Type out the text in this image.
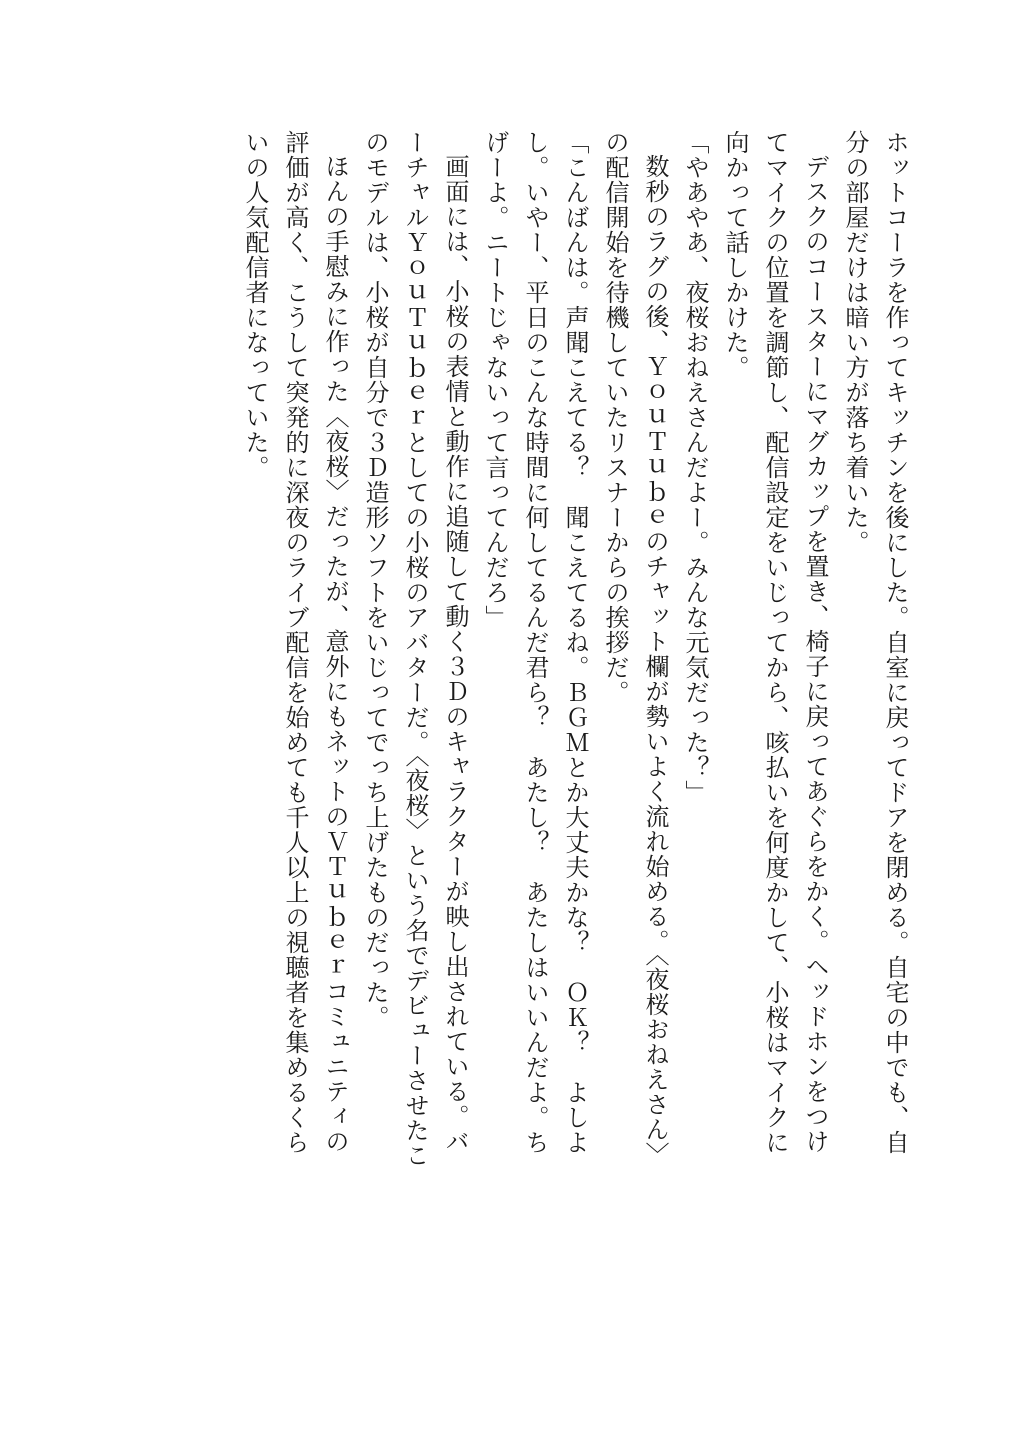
ホットコーラを作ってキッチンを後にした。自室に戻ってドアを閉める。自宅の中でも、自分の部屋だけは暗い方が落ち着いた。

デスクのコースターにマグカップを置き、椅子に戻ってあぐらをかく。ヘッドホンをつけてマイクの位置を調節し、配信設定をいじってから、咳払いを何度かして、小桜はマイクに向かって話しかけた。

「やあやあ、夜桜おねえさんだよー。みんな元気だった？」

数秒のラグの後、ＹｏｕＴｕｂｅのチャット欄が勢いよく流れ始める。〈夜桜おねえさん〉の配信開始を待機していたリスナーからの挨拶だ。

「こんばんは。声聞こえてる？　聞こえてるね。ＢＧＭとか大丈夫かな？　ＯＫ？　よしよし。いやー、平日のこんな時間に何してるんだ君ら？　あたし？　あたしはいいんだよ。ちげーよ。ニートじゃないって言ってんだろ」

画面には、小桜の表情と動作に追随して動く３Ｄのキャラクターが映し出されている。バーチャルＹｏｕＴｕｂｅｒとしての小桜のアバターだ。〈夜桜〉という名でデビューさせたこのモデルは、小桜が自分で３Ｄ造形ソフトをいじってでっち上げたものだった。

ほんの手慰みに作った〈夜桜〉だったが、意外にもネットのＶＴｕｂｅｒコミュニティの評価が高く、こうして突発的に深夜のライブ配信を始めても千人以上の視聴者を集めるくらいの人気配信者になっていた。
